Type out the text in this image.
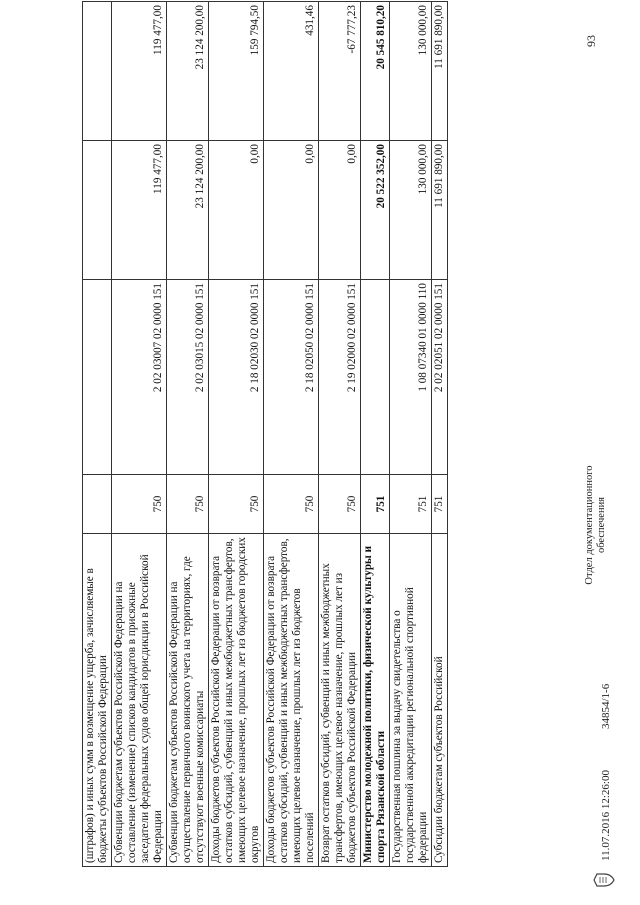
93
(штрафов) и иных сумм в возмещение ущерба, зачисляемые в бюджеты субъектов Российской Федерации				
Субвенции бюджетам субъектов Российской Федерации на составление (изменение) списков кандидатов в присяжные заседатели федеральных судов общей юрисдикции в Российской Федерации	750	2 02 03007 02 0000 151	119 477,00	119 477,00
Субвенции бюджетам субъектов Российской Федерации на осуществление первичного воинского учета на территориях, где отсутствуют военные комиссариаты	750	2 02 03015 02 0000 151	23 124 200,00	23 124 200,00
Доходы бюджетов субъектов Российской Федерации от возврата остатков субсидий, субвенций и иных межбюджетных трансфертов, имеющих целевое назначение, прошлых лет из бюджетов городских округов	750	2 18 02030 02 0000 151	0,00	159 794,50
Доходы бюджетов субъектов Российской Федерации от возврата остатков субсидий, субвенций и иных межбюджетных трансфертов, имеющих целевое назначение, прошлых лет из бюджетов поселений	750	2 18 02050 02 0000 151	0,00	431,46
Возврат остатков субсидий, субвенций и иных межбюджетных трансфертов, имеющих целевое назначение, прошлых лет из бюджетов субъектов Российской Федерации	750	2 19 02000 02 0000 151	0,00	-67 777,23
Министерство молодежной политики, физической культуры и спорта Рязанской области	751		20 522 352,00	20 545 810,20
Государственная пошлина за выдачу свидетельства о государственной аккредитации региональной спортивной федерации	751	1 08 07340 01 0000 110	130 000,00	130 000,00
Субсидии бюджетам субъектов Российской	751	2 02 02051 02 0000 151	11 691 890,00	11 691 890,00
11.07.2016 12:26:00
34854/1-6
Отдел документационного обеспечения
